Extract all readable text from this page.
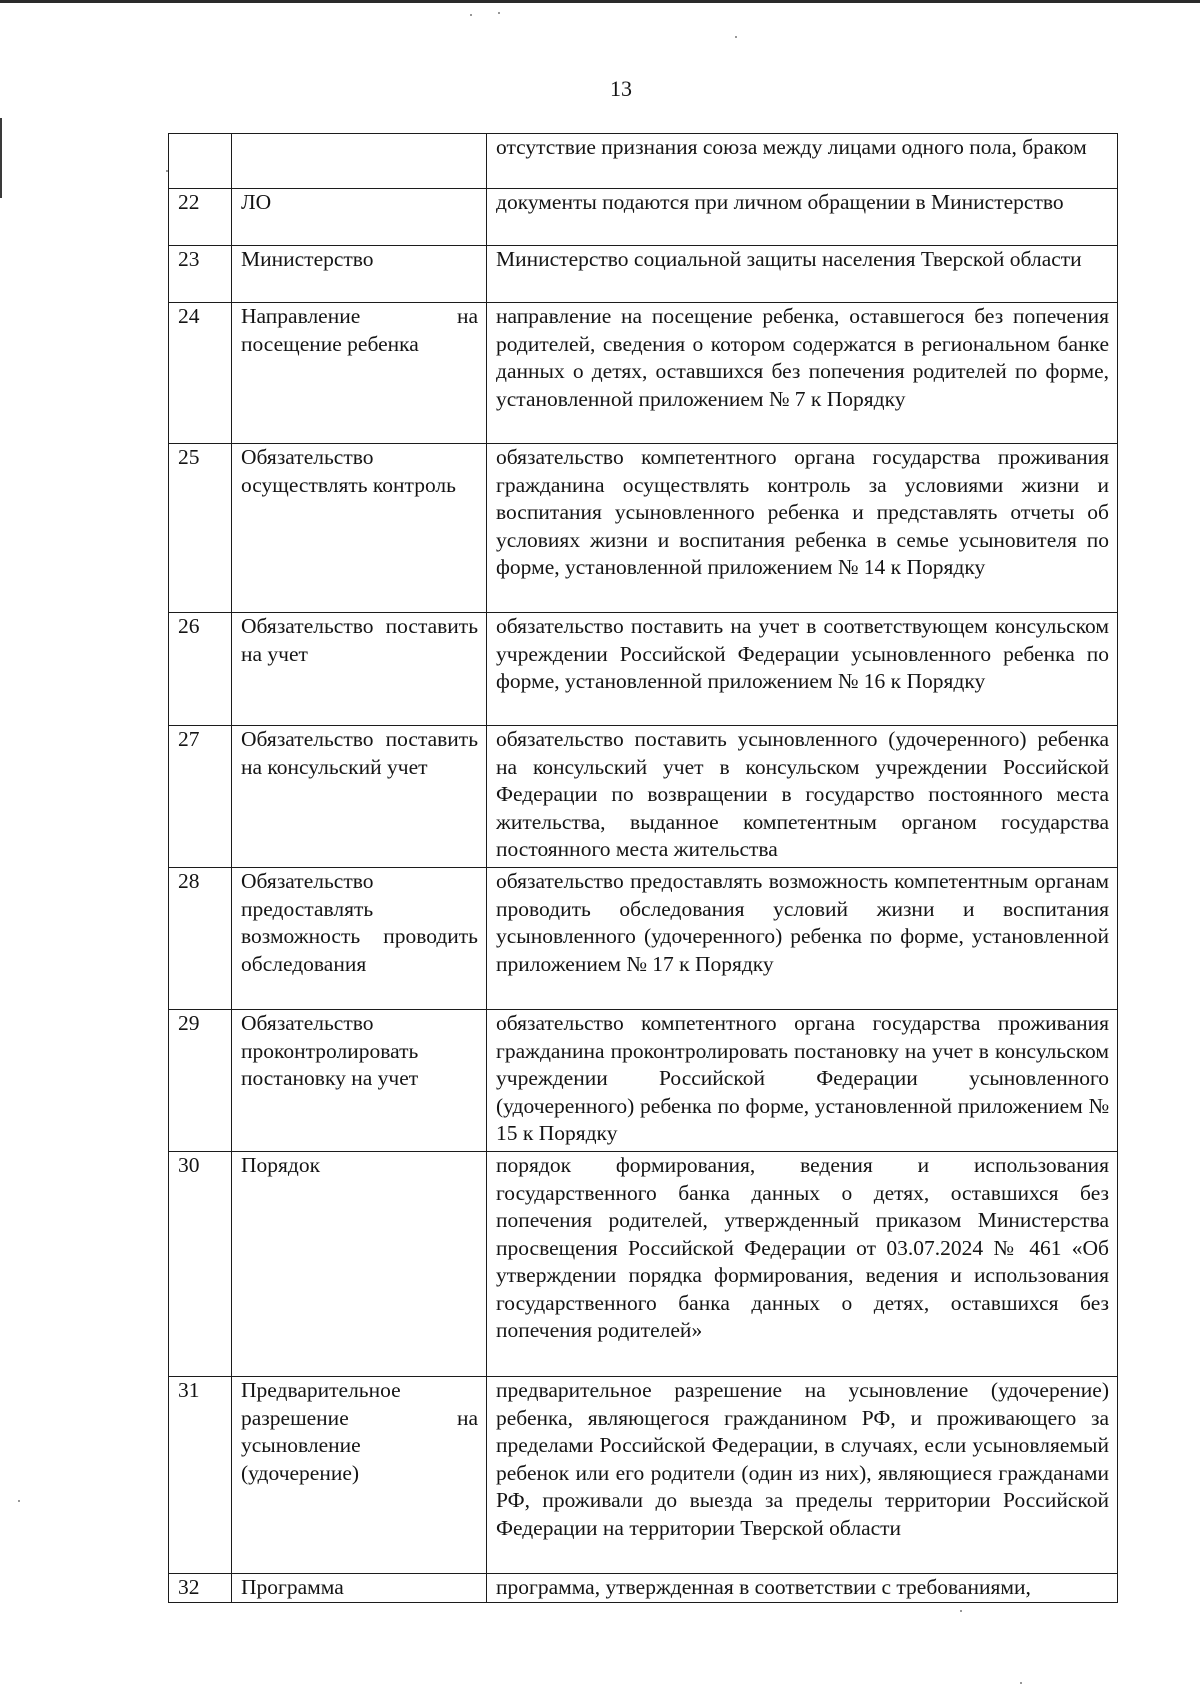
13
		отсутствие признания союза между лицами одного пола, браком
22	ЛО	документы подаются при личном обращении в Министерство
23	Министерство	Министерство социальной защиты населения Тверской области
24	Направление на посещение ребенка	направление на посещение ребенка, оставшегося без попечения родителей, сведения о котором содержатся в региональном банке данных о детях, оставшихся без попечения родителей по форме, установленной приложением № 7 к Порядку
25	Обязательство осуществлять контроль	обязательство компетентного органа государства проживания гражданина осуществлять контроль за условиями жизни и воспитания усыновленного ребенка и представлять отчеты об условиях жизни и воспитания ребенка в семье усыновителя по форме, установленной приложением № 14 к Порядку
26	Обязательство поставить на учет	обязательство поставить на учет в соответствующем консульском учреждении Российской Федерации усыновленного ребенка по форме, установленной приложением № 16 к Порядку
27	Обязательство поставить на консульский учет	обязательство поставить усыновленного (удочеренного) ребенка на консульский учет в консульском учреждении Российской Федерации по возвращении в государство постоянного места жительства, выданное компетентным органом государства постоянного места жительства
28	Обязательство предоставлять возможность проводить обследования	обязательство предоставлять возможность компетентным органам проводить обследования условий жизни и воспитания усыновленного (удочеренного) ребенка по форме, установленной приложением № 17 к Порядку
29	Обязательство проконтролировать постановку на учет	обязательство компетентного органа государства проживания гражданина проконтролировать постановку на учет в консульском учреждении Российской Федерации усыновленного (удочеренного) ребенка по форме, установленной приложением № 15 к Порядку
30	Порядок	порядок формирования, ведения и использования государственного банка данных о детях, оставшихся без попечения родителей, утвержденный приказом Министерства просвещения Российской Федерации от 03.07.2024 № 461 «Об утверждении порядка формирования, ведения и использования государственного банка данных о детях, оставшихся без попечения родителей»
31	Предварительное разрешение на усыновление (удочерение)	предварительное разрешение на усыновление (удочерение) ребенка, являющегося гражданином РФ, и проживающего за пределами Российской Федерации, в случаях, если усыновляемый ребенок или его родители (один из них), являющиеся гражданами РФ, проживали до выезда за пределы территории Российской Федерации на территории Тверской области
32	Программа	программа, утвержденная в соответствии с требованиями,
